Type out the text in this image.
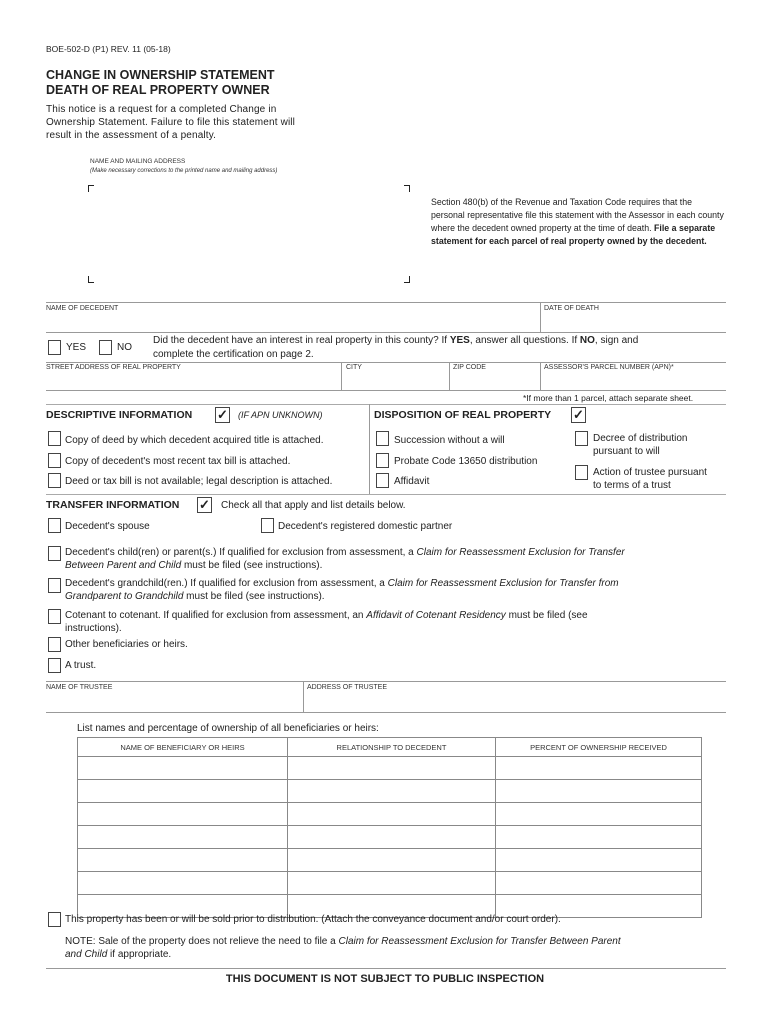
BOE-502-D (P1) REV. 11 (05-18)
CHANGE IN OWNERSHIP STATEMENT
DEATH OF REAL PROPERTY OWNER
This notice is a request for a completed Change in Ownership Statement. Failure to file this statement will result in the assessment of a penalty.
NAME AND MAILING ADDRESS
(Make necessary corrections to the printed name and mailing address)
Section 480(b) of the Revenue and Taxation Code requires that the personal representative file this statement with the Assessor in each county where the decedent owned property at the time of death. File a separate statement for each parcel of real property owned by the decedent.
NAME OF DECEDENT	DATE OF DEATH
YES	NO
Did the decedent have an interest in real property in this county? If YES, answer all questions. If NO, sign and
complete the certification on page 2.
STREET ADDRESS OF REAL PROPERTY	CITY	ZIP CODE	ASSESSOR'S PARCEL NUMBER (APN)*
*If more than 1 parcel, attach separate sheet.
DESCRIPTIVE INFORMATION ✓ (IF APN UNKNOWN)
Copy of deed by which decedent acquired title is attached.
Copy of decedent's most recent tax bill is attached.
Deed or tax bill is not available; legal description is attached.
DISPOSITION OF REAL PROPERTY ✓
Succession without a will
Probate Code 13650 distribution
Affidavit
Decree of distribution
pursuant to will
Action of trustee pursuant
to terms of a trust
TRANSFER INFORMATION ✓ Check all that apply and list details below.
Decedent's spouse	Decedent's registered domestic partner
Decedent's child(ren) or parent(s.) If qualified for exclusion from assessment, a Claim for Reassessment Exclusion for Transfer
Between Parent and Child must be filed (see instructions).
Decedent's grandchild(ren.) If qualified for exclusion from assessment, a Claim for Reassessment Exclusion for Transfer from
Grandparent to Grandchild must be filed (see instructions).
Cotenant to cotenant. If qualified for exclusion from assessment, an Affidavit of Cotenant Residency must be filed (see
instructions).
Other beneficiaries or heirs.
A trust.
NAME OF TRUSTEE	ADDRESS OF TRUSTEE
List names and percentage of ownership of all beneficiaries or heirs:
NAME OF BENEFICIARY OR HEIRS	RELATIONSHIP TO DECEDENT	PERCENT OF OWNERSHIP RECEIVED

This property has been or will be sold prior to distribution. (Attach the conveyance document and/or court order).
NOTE: Sale of the property does not relieve the need to file a Claim for Reassessment Exclusion for Transfer Between Parent
and Child if appropriate.
THIS DOCUMENT IS NOT SUBJECT TO PUBLIC INSPECTION
